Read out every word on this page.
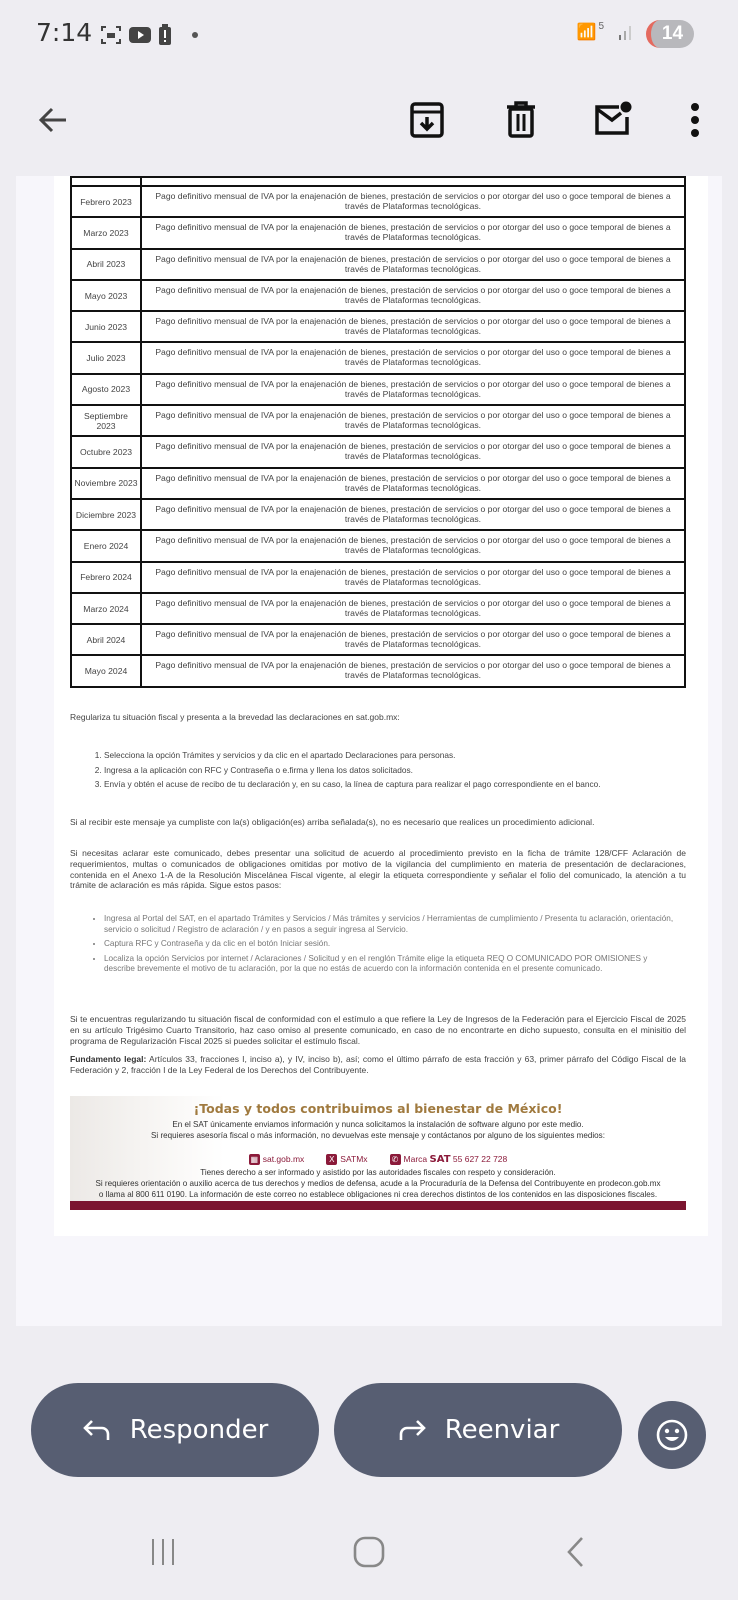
7:14	📶 5	14

Febrero 2023	Pago definitivo mensual de IVA por la enajenación de bienes, prestación de servicios o por otorgar del uso o goce temporal de bienes a través de Plataformas tecnológicas.
Marzo 2023	Pago definitivo mensual de IVA por la enajenación de bienes, prestación de servicios o por otorgar del uso o goce temporal de bienes a través de Plataformas tecnológicas.
Abril 2023	Pago definitivo mensual de IVA por la enajenación de bienes, prestación de servicios o por otorgar del uso o goce temporal de bienes a través de Plataformas tecnológicas.
Mayo 2023	Pago definitivo mensual de IVA por la enajenación de bienes, prestación de servicios o por otorgar del uso o goce temporal de bienes a través de Plataformas tecnológicas.
Junio 2023	Pago definitivo mensual de IVA por la enajenación de bienes, prestación de servicios o por otorgar del uso o goce temporal de bienes a través de Plataformas tecnológicas.
Julio 2023	Pago definitivo mensual de IVA por la enajenación de bienes, prestación de servicios o por otorgar del uso o goce temporal de bienes a través de Plataformas tecnológicas.
Agosto 2023	Pago definitivo mensual de IVA por la enajenación de bienes, prestación de servicios o por otorgar del uso o goce temporal de bienes a través de Plataformas tecnológicas.
Septiembre 2023	Pago definitivo mensual de IVA por la enajenación de bienes, prestación de servicios o por otorgar del uso o goce temporal de bienes a través de Plataformas tecnológicas.
Octubre 2023	Pago definitivo mensual de IVA por la enajenación de bienes, prestación de servicios o por otorgar del uso o goce temporal de bienes a través de Plataformas tecnológicas.
Noviembre 2023	Pago definitivo mensual de IVA por la enajenación de bienes, prestación de servicios o por otorgar del uso o goce temporal de bienes a través de Plataformas tecnológicas.
Diciembre 2023	Pago definitivo mensual de IVA por la enajenación de bienes, prestación de servicios o por otorgar del uso o goce temporal de bienes a través de Plataformas tecnológicas.
Enero 2024	Pago definitivo mensual de IVA por la enajenación de bienes, prestación de servicios o por otorgar del uso o goce temporal de bienes a través de Plataformas tecnológicas.
Febrero 2024	Pago definitivo mensual de IVA por la enajenación de bienes, prestación de servicios o por otorgar del uso o goce temporal de bienes a través de Plataformas tecnológicas.
Marzo 2024	Pago definitivo mensual de IVA por la enajenación de bienes, prestación de servicios o por otorgar del uso o goce temporal de bienes a través de Plataformas tecnológicas.
Abril 2024	Pago definitivo mensual de IVA por la enajenación de bienes, prestación de servicios o por otorgar del uso o goce temporal de bienes a través de Plataformas tecnológicas.
Mayo 2024	Pago definitivo mensual de IVA por la enajenación de bienes, prestación de servicios o por otorgar del uso o goce temporal de bienes a través de Plataformas tecnológicas.
Regulariza tu situación fiscal y presenta a la brevedad las declaraciones en sat.gob.mx:
1. Selecciona la opción Trámites y servicios y da clic en el apartado Declaraciones para personas.
2. Ingresa a la aplicación con RFC y Contraseña o e.firma y llena los datos solicitados.
3. Envía y obtén el acuse de recibo de tu declaración y, en su caso, la línea de captura para realizar el pago correspondiente en el banco.
Si al recibir este mensaje ya cumpliste con la(s) obligación(es) arriba señalada(s), no es necesario que realices un procedimiento adicional.
Si necesitas aclarar este comunicado, debes presentar una solicitud de acuerdo al procedimiento previsto en la ficha de trámite 128/CFF Aclaración de requerimientos, multas o comunicados de obligaciones omitidas por motivo de la vigilancia del cumplimiento en materia de presentación de declaraciones, contenida en el Anexo 1-A de la Resolución Miscelánea Fiscal vigente, al elegir la etiqueta correspondiente y señalar el folio del comunicado, la atención a tu trámite de aclaración es más rápida. Sigue estos pasos:
• Ingresa al Portal del SAT, en el apartado Trámites y Servicios / Más trámites y servicios / Herramientas de cumplimiento / Presenta tu aclaración, orientación, servicio o solicitud / Registro de aclaración / y en pasos a seguir ingresa al Servicio.
• Captura RFC y Contraseña y da clic en el botón Iniciar sesión.
• Localiza la opción Servicios por internet / Aclaraciones / Solicitud y en el renglón Trámite elige la etiqueta REQ O COMUNICADO POR OMISIONES y describe brevemente el motivo de tu aclaración, por la que no estás de acuerdo con la información contenida en el presente comunicado.
Si te encuentras regularizando tu situación fiscal de conformidad con el estímulo a que refiere la Ley de Ingresos de la Federación para el Ejercicio Fiscal de 2025 en su artículo Trigésimo Cuarto Transitorio, haz caso omiso al presente comunicado, en caso de no encontrarte en dicho supuesto, consulta en el minisitio del programa de Regularización Fiscal 2025 si puedes solicitar el estímulo fiscal.
Fundamento legal: Artículos 33, fracciones I, inciso a), y IV, inciso b), así; como el último párrafo de esta fracción y 63, primer párrafo del Código Fiscal de la Federación y 2, fracción I de la Ley Federal de los Derechos del Contribuyente.
¡Todas y todos contribuimos al bienestar de México!
En el SAT únicamente enviamos información y nunca solicitamos la instalación de software alguno por este medio.
Si requieres asesoría fiscal o más información, no devuelvas este mensaje y contáctanos por alguno de los siguientes medios:
▦ sat.gob.mx	X SATMx	✆ Marca SAT 55 627 22 728
Tienes derecho a ser informado y asistido por las autoridades fiscales con respeto y consideración.
Si requieres orientación o auxilio acerca de tus derechos y medios de defensa, acude a la Procuraduría de la Defensa del Contribuyente en prodecon.gob.mx
o llama al 800 611 0190. La información de este correo no establece obligaciones ni crea derechos distintos de los contenidos en las disposiciones fiscales.
Responder	Reenviar
